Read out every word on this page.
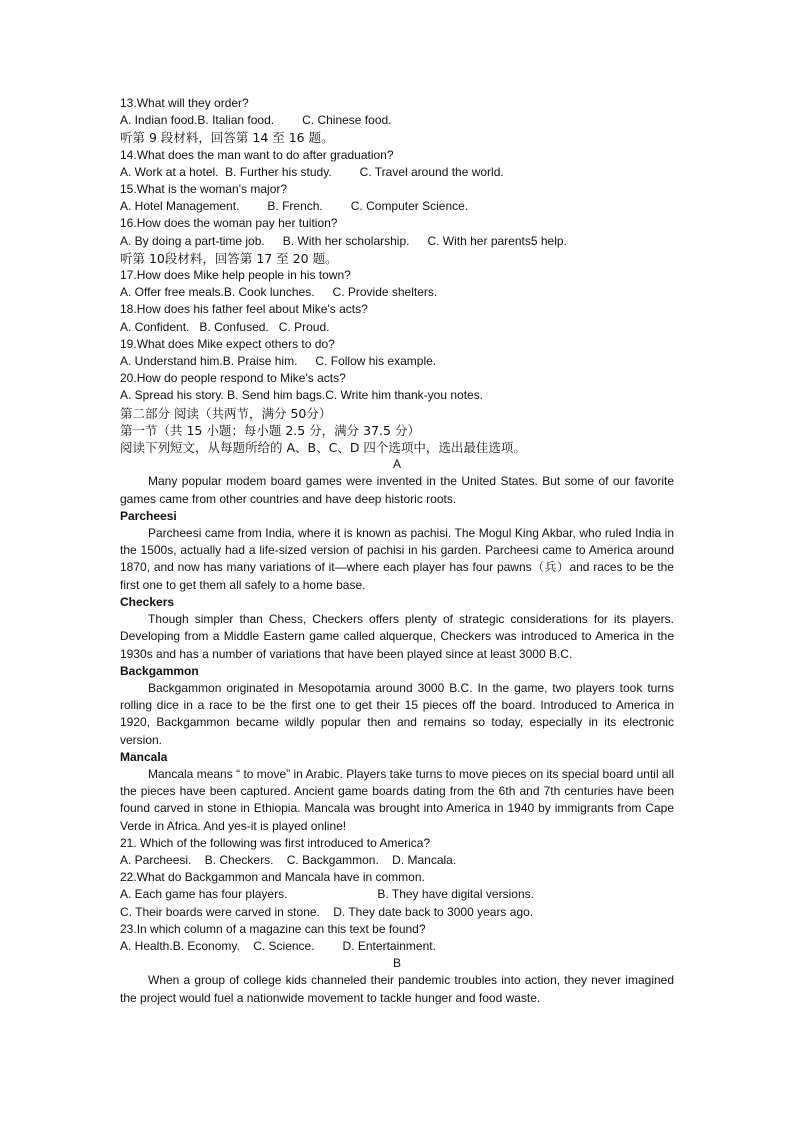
13.What will they order?
A. Indian food.B. Italian food. C. Chinese food.
听第 9 段材料，回答第 14 至 16 题。
14.What does the man want to do after graduation?
A. Work at a hotel. B. Further his study. C. Travel around the world.
15.What is the woman's major?
A. Hotel Management. B. French. C. Computer Science.
16.How does the woman pay her tuition?
A. By doing a part-time job. B. With her scholarship. C. With her parents5 help.
听第 10段材料，回答第 17 至 20 题。
17.How does Mike help people in his town?
A. Offer free meals.B. Cook lunches. C. Provide shelters.
18.How does his father feel about Mike's acts?
A. Confident. B. Confused. C. Proud.
19.What does Mike expect others to do?
A. Understand him.B. Praise him. C. Follow his example.
20.How do people respond to Mike's acts?
A. Spread his story. B. Send him bags.C. Write him thank-you notes.
第二部分 阅读（共两节，满分 50分）
第一节（共 15 小题；每小题 2.5 分，满分 37.5 分）
阅读下列短文，从每题所给的 A、B、C、D 四个选项中，选出最佳选项。
A
Many popular modem board games were invented in the United States. But some of our favorite games came from other countries and have deep historic roots.
Parcheesi
Parcheesi came from India, where it is known as pachisi. The Mogul King Akbar, who ruled India in the 1500s, actually had a life-sized version of pachisi in his garden. Parcheesi came to America around 1870, and now has many variations of it—where each player has four pawns（兵）and races to be the first one to get them all safely to a home base.
Checkers
Though simpler than Chess, Checkers offers plenty of strategic considerations for its players. Developing from a Middle Eastern game called alquerque, Checkers was introduced to America in the 1930s and has a number of variations that have been played since at least 3000 B.C.
Backgammon
Backgammon originated in Mesopotamia around 3000 B.C. In the game, two players took turns rolling dice in a race to be the first one to get their 15 pieces off the board. Introduced to America in 1920, Backgammon became wildly popular then and remains so today, especially in its electronic version.
Mancala
Mancala means “ to move” in Arabic. Players take turns to move pieces on its special board until all the pieces have been captured. Ancient game boards dating from the 6th and 7th centuries have been found carved in stone in Ethiopia. Mancala was brought into America in 1940 by immigrants from Cape Verde in Africa. And yes-it is played online!
21. Which of the following was first introduced to America?
A. Parcheesi. B. Checkers. C. Backgammon. D. Mancala.
22.What do Backgammon and Mancala have in common.
A. Each game has four players.	B. They have digital versions.
C. Their boards were carved in stone. D. They date back to 3000 years ago.
23.In which column of a magazine can this text be found?
A. Health.B. Economy. C. Science. D. Entertainment.
B
When a group of college kids channeled their pandemic troubles into action, they never imagined the project would fuel a nationwide movement to tackle hunger and food waste.
